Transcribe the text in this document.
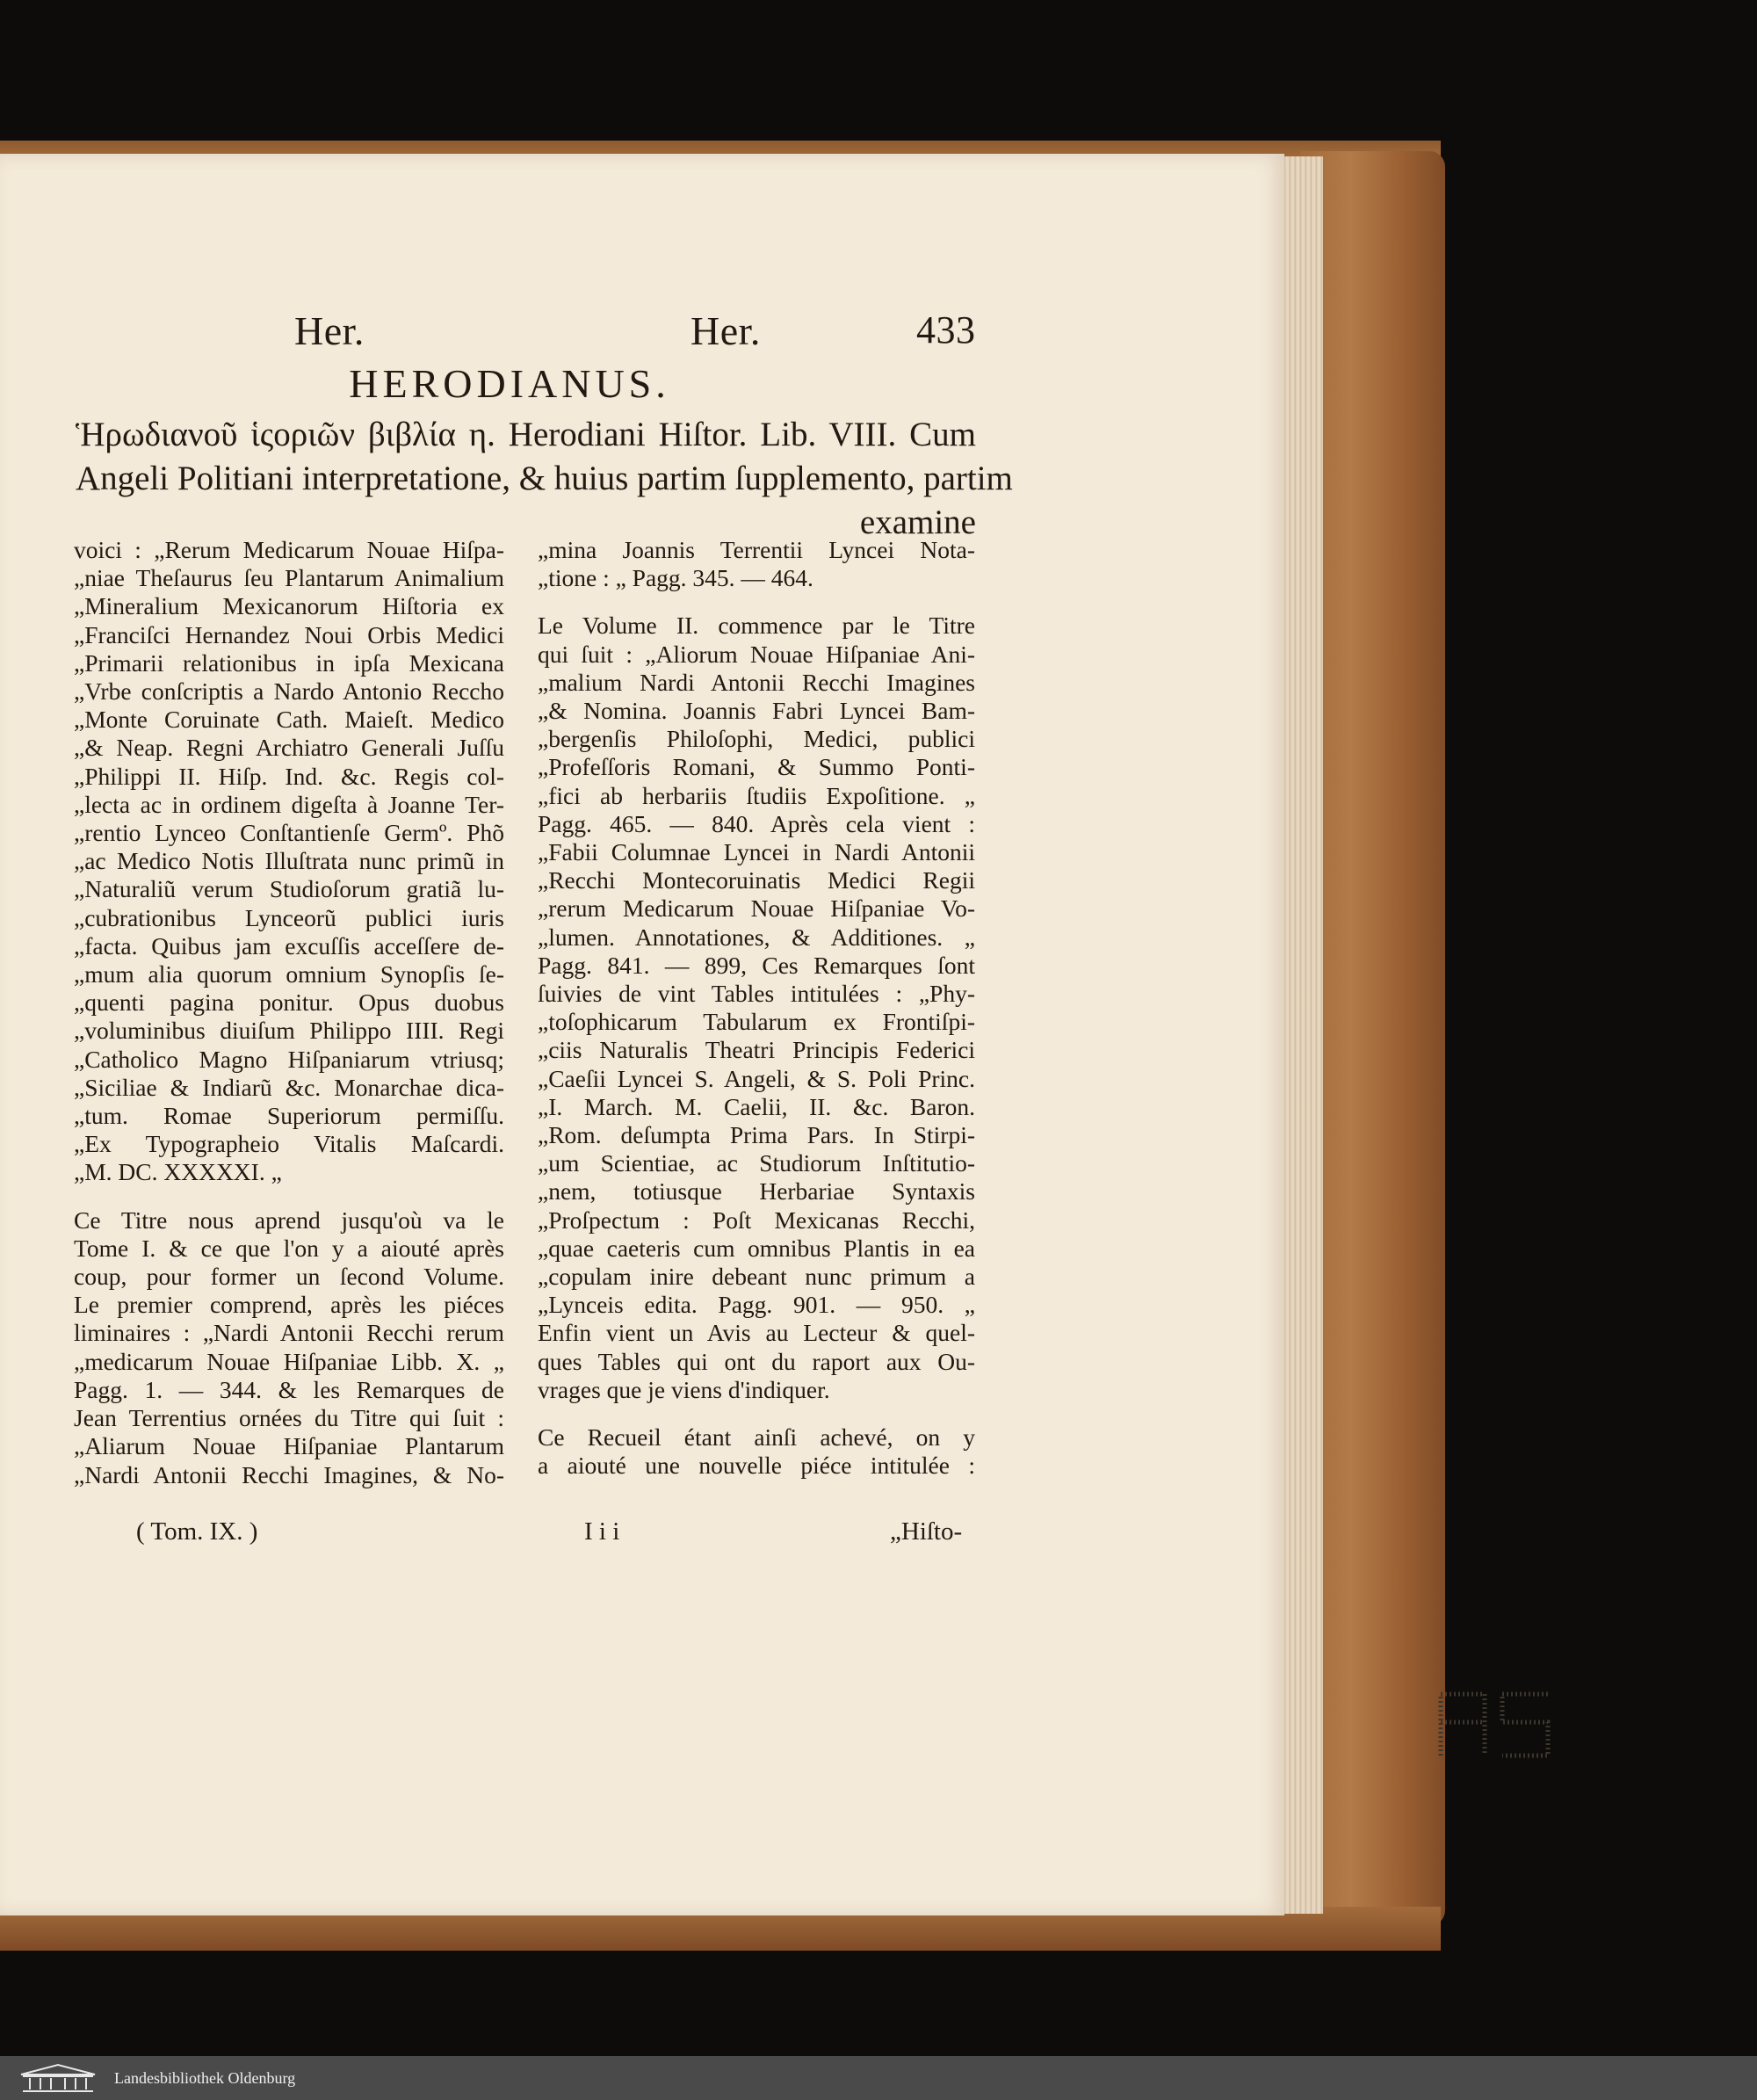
Her.	Her.	433
HERODIANUS.
Ἡρωδιανοῦ ἱςοριῶν βιβλία η. Herodiani Hiſtor. Lib. VIII. Cum
Angeli Politiani interpretatione, & huius partim ſupplemento, partim
examine
voici : „Rerum Medicarum Nouae Hiſpa-
„niae Theſaurus ſeu Plantarum Animalium
„Mineralium Mexicanorum Hiſtoria ex
„Franciſci Hernandez Noui Orbis Medici
„Primarii relationibus in ipſa Mexicana
„Vrbe conſcriptis a Nardo Antonio Reccho
„Monte Coruinate Cath. Maieſt. Medico
„& Neap. Regni Archiatro Generali Juſſu
„Philippi II. Hiſp. Ind. &c. Regis col-
„lecta ac in ordinem digeſta à Joanne Ter-
„rentio Lynceo Conſtantienſe Germº. Phõ
„ac Medico Notis Illuſtrata nunc primũ in
„Naturaliũ verum Studioſorum gratiã lu-
„cubrationibus Lynceorũ publici iuris
„facta. Quibus jam excuſſis acceſſere de-
„mum alia quorum omnium Synopſis ſe-
„quenti pagina ponitur. Opus duobus
„voluminibus diuiſum Philippo IIII. Regi
„Catholico Magno Hiſpaniarum vtriusq;
„Siciliae & Indiarũ &c. Monarchae dica-
„tum. Romae Superiorum permiſſu.
„Ex Typographeio Vitalis Maſcardi.
„M. DC. XXXXXI. „
Ce Titre nous aprend jusqu'où va le
Tome I. & ce que l'on y a aiouté après
coup, pour former un ſecond Volume.
Le premier comprend, après les piéces
liminaires : „Nardi Antonii Recchi rerum
„medicarum Nouae Hiſpaniae Libb. X. „
Pagg. 1. — 344. & les Remarques de
Jean Terrentius ornées du Titre qui ſuit :
„Aliarum Nouae Hiſpaniae Plantarum
„Nardi Antonii Recchi Imagines, & No-
„mina Joannis Terrentii Lyncei Nota-
„tione : „ Pagg. 345. — 464.
Le Volume II. commence par le Titre
qui ſuit : „Aliorum Nouae Hiſpaniae Ani-
„malium Nardi Antonii Recchi Imagines
„& Nomina. Joannis Fabri Lyncei Bam-
„bergenſis Philoſophi, Medici, publici
„Profeſſoris Romani, & Summo Ponti-
„fici ab herbariis ſtudiis Expoſitione. „
Pagg. 465. — 840. Après cela vient :
„Fabii Columnae Lyncei in Nardi Antonii
„Recchi Montecoruinatis Medici Regii
„rerum Medicarum Nouae Hiſpaniae Vo-
„lumen. Annotationes, & Additiones. „
Pagg. 841. — 899, Ces Remarques ſont
ſuivies de vint Tables intitulées : „Phy-
„toſophicarum Tabularum ex Frontiſpi-
„ciis Naturalis Theatri Principis Federici
„Caeſii Lyncei S. Angeli, & S. Poli Princ.
„I. March. M. Caelii, II. &c. Baron.
„Rom. deſumpta Prima Pars. In Stirpi-
„um Scientiae, ac Studiorum Inſtitutio-
„nem, totiusque Herbariae Syntaxis
„Proſpectum : Poſt Mexicanas Recchi,
„quae caeteris cum omnibus Plantis in ea
„copulam inire debeant nunc primum a
„Lynceis edita. Pagg. 901. — 950. „
Enfin vient un Avis au Lecteur & quel-
ques Tables qui ont du raport aux Ou-
vrages que je viens d'indiquer.
Ce Recueil étant ainſi achevé, on y
a aiouté une nouvelle piéce intitulée :
( Tom. IX. )	I i i	„Hiſto-
Landesbibliothek Oldenburg
